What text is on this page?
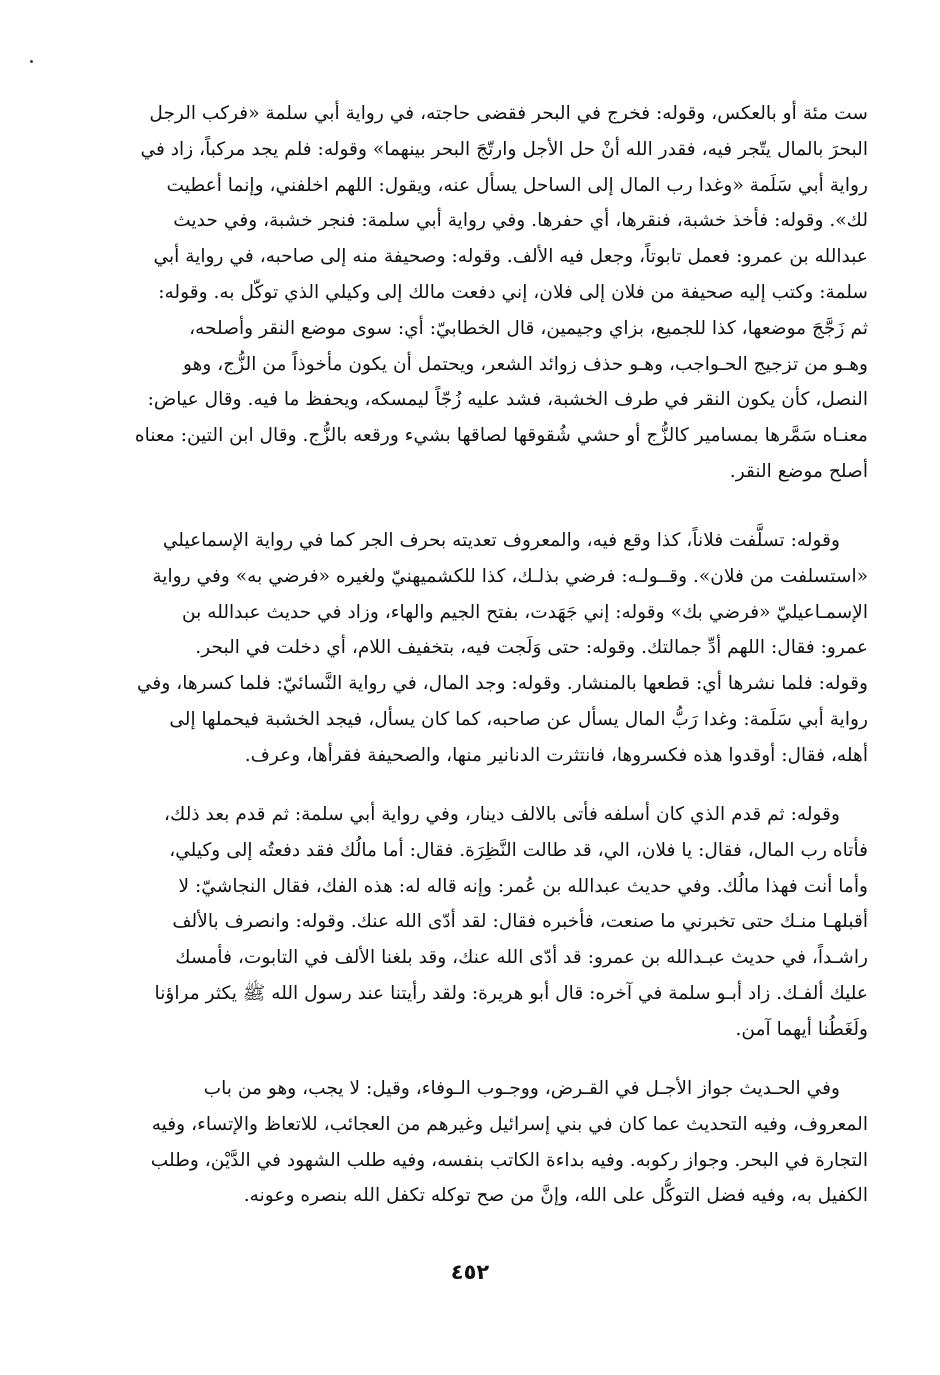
ست مئة أو بالعكس، وقوله: فخرج في البحر فقضى حاجته، في رواية أبي سلمة «فركب الرجل
البحرَ بالمال يتّجر فيه، فقدر الله أنْ حل الأجل وارتّجَ البحر بينهما» وقوله: فلم يجد مركباً، زاد في
رواية أبي سَلَمة «وغدا رب المال إلى الساحل يسأل عنه، ويقول: اللهم اخلفني، وإنما أعطيت
لك». وقوله: فأخذ خشبة، فنقرها، أي حفرها. وفي رواية أبي سلمة: فنجر خشبة، وفي حديث
عبدالله بن عمرو: فعمل تابوتاً، وجعل فيه الألف. وقوله: وصحيفة منه إلى صاحبه، في رواية أبي
سلمة: وكتب إليه صحيفة من فلان إلى فلان، إني دفعت مالك إلى وكيلي الذي توكّل به. وقوله:
ثم زَجَّجَ موضعها، كذا للجميع، بزاي وجيمين، قال الخطابيّ: أي: سوى موضع النقر وأصلحه،
وهـو من تزجيج الحـواجب، وهـو حذف زوائد الشعر، ويحتمل أن يكون مأخوذاً من الزُّج، وهو
النصل، كأن يكون النقر في طرف الخشبة، فشد عليه زُجّاً ليمسكه، ويحفظ ما فيه. وقال عياض:
معنـاه سَمَّرها بمسامير كالزُّج أو حشي شُقوقها لصاقها بشيء ورقعه بالزُّج. وقال ابن التين: معناه
أصلح موضع النقر.
وقوله: تسلَّفت فلاناً، كذا وقع فيه، والمعروف تعديته بحرف الجر كما في رواية الإسماعيلي
«استسلفت من فلان». وقــولـه: فرضي بذلـك، كذا للكشميهنيّ ولغيره «فرضي به» وفي رواية
الإسمـاعيليّ «فرضي بك» وقوله: إني جَهَدت، بفتح الجيم والهاء، وزاد في حديث عبدالله بن
عمرو: فقال: اللهم أدِّ جمالتك. وقوله: حتى وَلَجت فيه، بتخفيف اللام، أي دخلت في البحر.
وقوله: فلما نشرها أي: قطعها بالمنشار. وقوله: وجد المال، في رواية النَّسائيّ: فلما كسرها، وفي
رواية أبي سَلَمة: وغدا رَبُّ المال يسأل عن صاحبه، كما كان يسأل، فيجد الخشبة فيحملها إلى
أهله، فقال: أوقدوا هذه فكسروها، فانتثرت الدنانير منها، والصحيفة فقرأها، وعرف.
وقوله: ثم قدم الذي كان أسلفه فأتى بالالف دينار، وفي رواية أبي سلمة: ثم قدم بعد ذلك،
فأتاه رب المال، فقال: يا فلان، الي، قد طالت النَّظِرَة. فقال: أما مالُك فقد دفعتُه إلى وكيلي،
وأما أنت فهذا مالُك. وفي حديث عبدالله بن عُمر: وإنه قاله له: هذه الفك، فقال النجاشيّ: لا
أقبلهـا منـك حتى تخبرني ما صنعت، فأخبره فقال: لقد أدّى الله عنك. وقوله: وانصرف بالألف
راشـداً، في حديث عبـدالله بن عمرو: قد أدّى الله عنك، وقد بلغنا الألف في التابوت، فأمسك
عليك ألفـك. زاد أبـو سلمة في آخره: قال أبو هريرة: ولقد رأيتنا عند رسول الله ﷺ يكثر مراؤنا
ولَغَطُنا أيهما آمن.
وفي الحـديث جواز الأجـل في القـرض، ووجـوب الـوفاء، وقيل: لا يجب، وهو من باب
المعروف، وفيه التحديث عما كان في بني إسرائيل وغيرهم من العجائب، للاتعاظ والإتساء، وفيه
التجارة في البحر. وجواز ركوبه. وفيه بداءة الكاتب بنفسه، وفيه طلب الشهود في الدَّيْن، وطلب
الكفيل به، وفيه فضل التوكُّل على الله، وإنَّ من صح توكله تكفل الله بنصره وعونه.
٤٥٢
